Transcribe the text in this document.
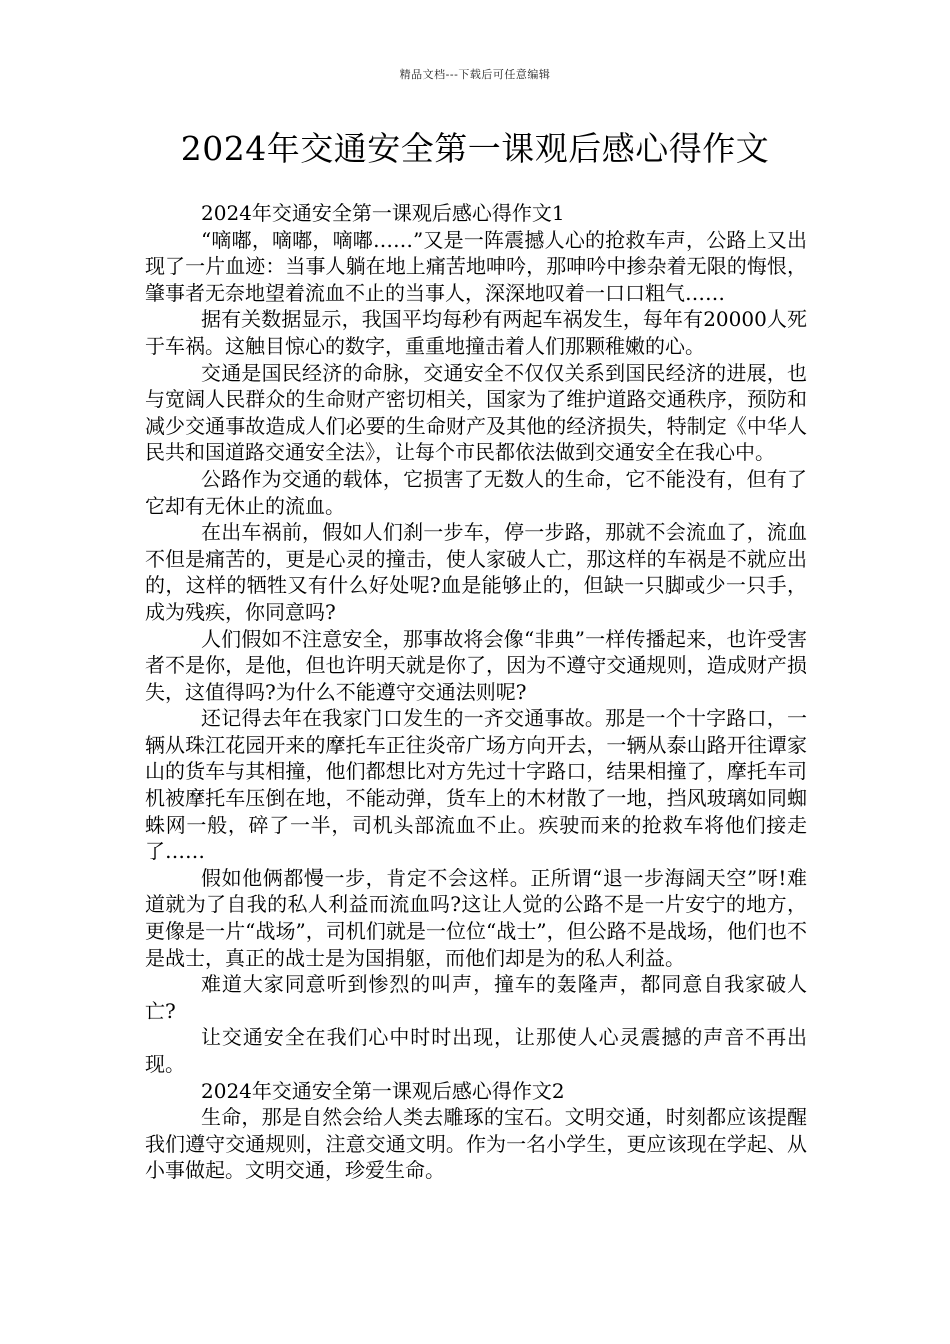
精品文档---下载后可任意编辑
2024年交通安全第一课观后感心得作文

2024年交通安全第一课观后感心得作文1

“嘀嘟，嘀嘟，嘀嘟……”又是一阵震撼人心的抢救车声，公路上又出现了一片血迹：当事人躺在地上痛苦地呻吟，那呻吟中掺杂着无限的悔恨，肇事者无奈地望着流血不止的当事人，深深地叹着一口口粗气……

据有关数据显示，我国平均每秒有两起车祸发生，每年有20000人死于车祸。这触目惊心的数字，重重地撞击着人们那颗稚嫩的心。

交通是国民经济的命脉，交通安全不仅仅关系到国民经济的进展，也与宽阔人民群众的生命财产密切相关，国家为了维护道路交通秩序，预防和减少交通事故造成人们必要的生命财产及其他的经济损失，特制定《中华人民共和国道路交通安全法》，让每个市民都依法做到交通安全在我心中。

公路作为交通的载体，它损害了无数人的生命，它不能没有，但有了它却有无休止的流血。

在出车祸前，假如人们刹一步车，停一步路，那就不会流血了，流血不但是痛苦的，更是心灵的撞击，使人家破人亡，那这样的车祸是不就应出的，这样的牺牲又有什么好处呢?血是能够止的，但缺一只脚或少一只手，成为残疾，你同意吗?

人们假如不注意安全，那事故将会像“非典”一样传播起来，也许受害者不是你，是他，但也许明天就是你了，因为不遵守交通规则，造成财产损失，这值得吗?为什么不能遵守交通法则呢?

还记得去年在我家门口发生的一齐交通事故。那是一个十字路口，一辆从珠江花园开来的摩托车正往炎帝广场方向开去，一辆从泰山路开往谭家山的货车与其相撞，他们都想比对方先过十字路口，结果相撞了，摩托车司机被摩托车压倒在地，不能动弹，货车上的木材散了一地，挡风玻璃如同蜘蛛网一般，碎了一半，司机头部流血不止。疾驶而来的抢救车将他们接走了……

假如他俩都慢一步，肯定不会这样。正所谓“退一步海阔天空”呀!难道就为了自我的私人利益而流血吗?这让人觉的公路不是一片安宁的地方，更像是一片“战场”，司机们就是一位位“战士”，但公路不是战场，他们也不是战士，真正的战士是为国捐躯，而他们却是为的私人利益。

难道大家同意听到惨烈的叫声，撞车的轰隆声，都同意自我家破人亡?

让交通安全在我们心中时时出现，让那使人心灵震撼的声音不再出现。

2024年交通安全第一课观后感心得作文2

生命，那是自然会给人类去雕琢的宝石。文明交通，时刻都应该提醒我们遵守交通规则，注意交通文明。作为一名小学生，更应该现在学起、从小事做起。文明交通，珍爱生命。
